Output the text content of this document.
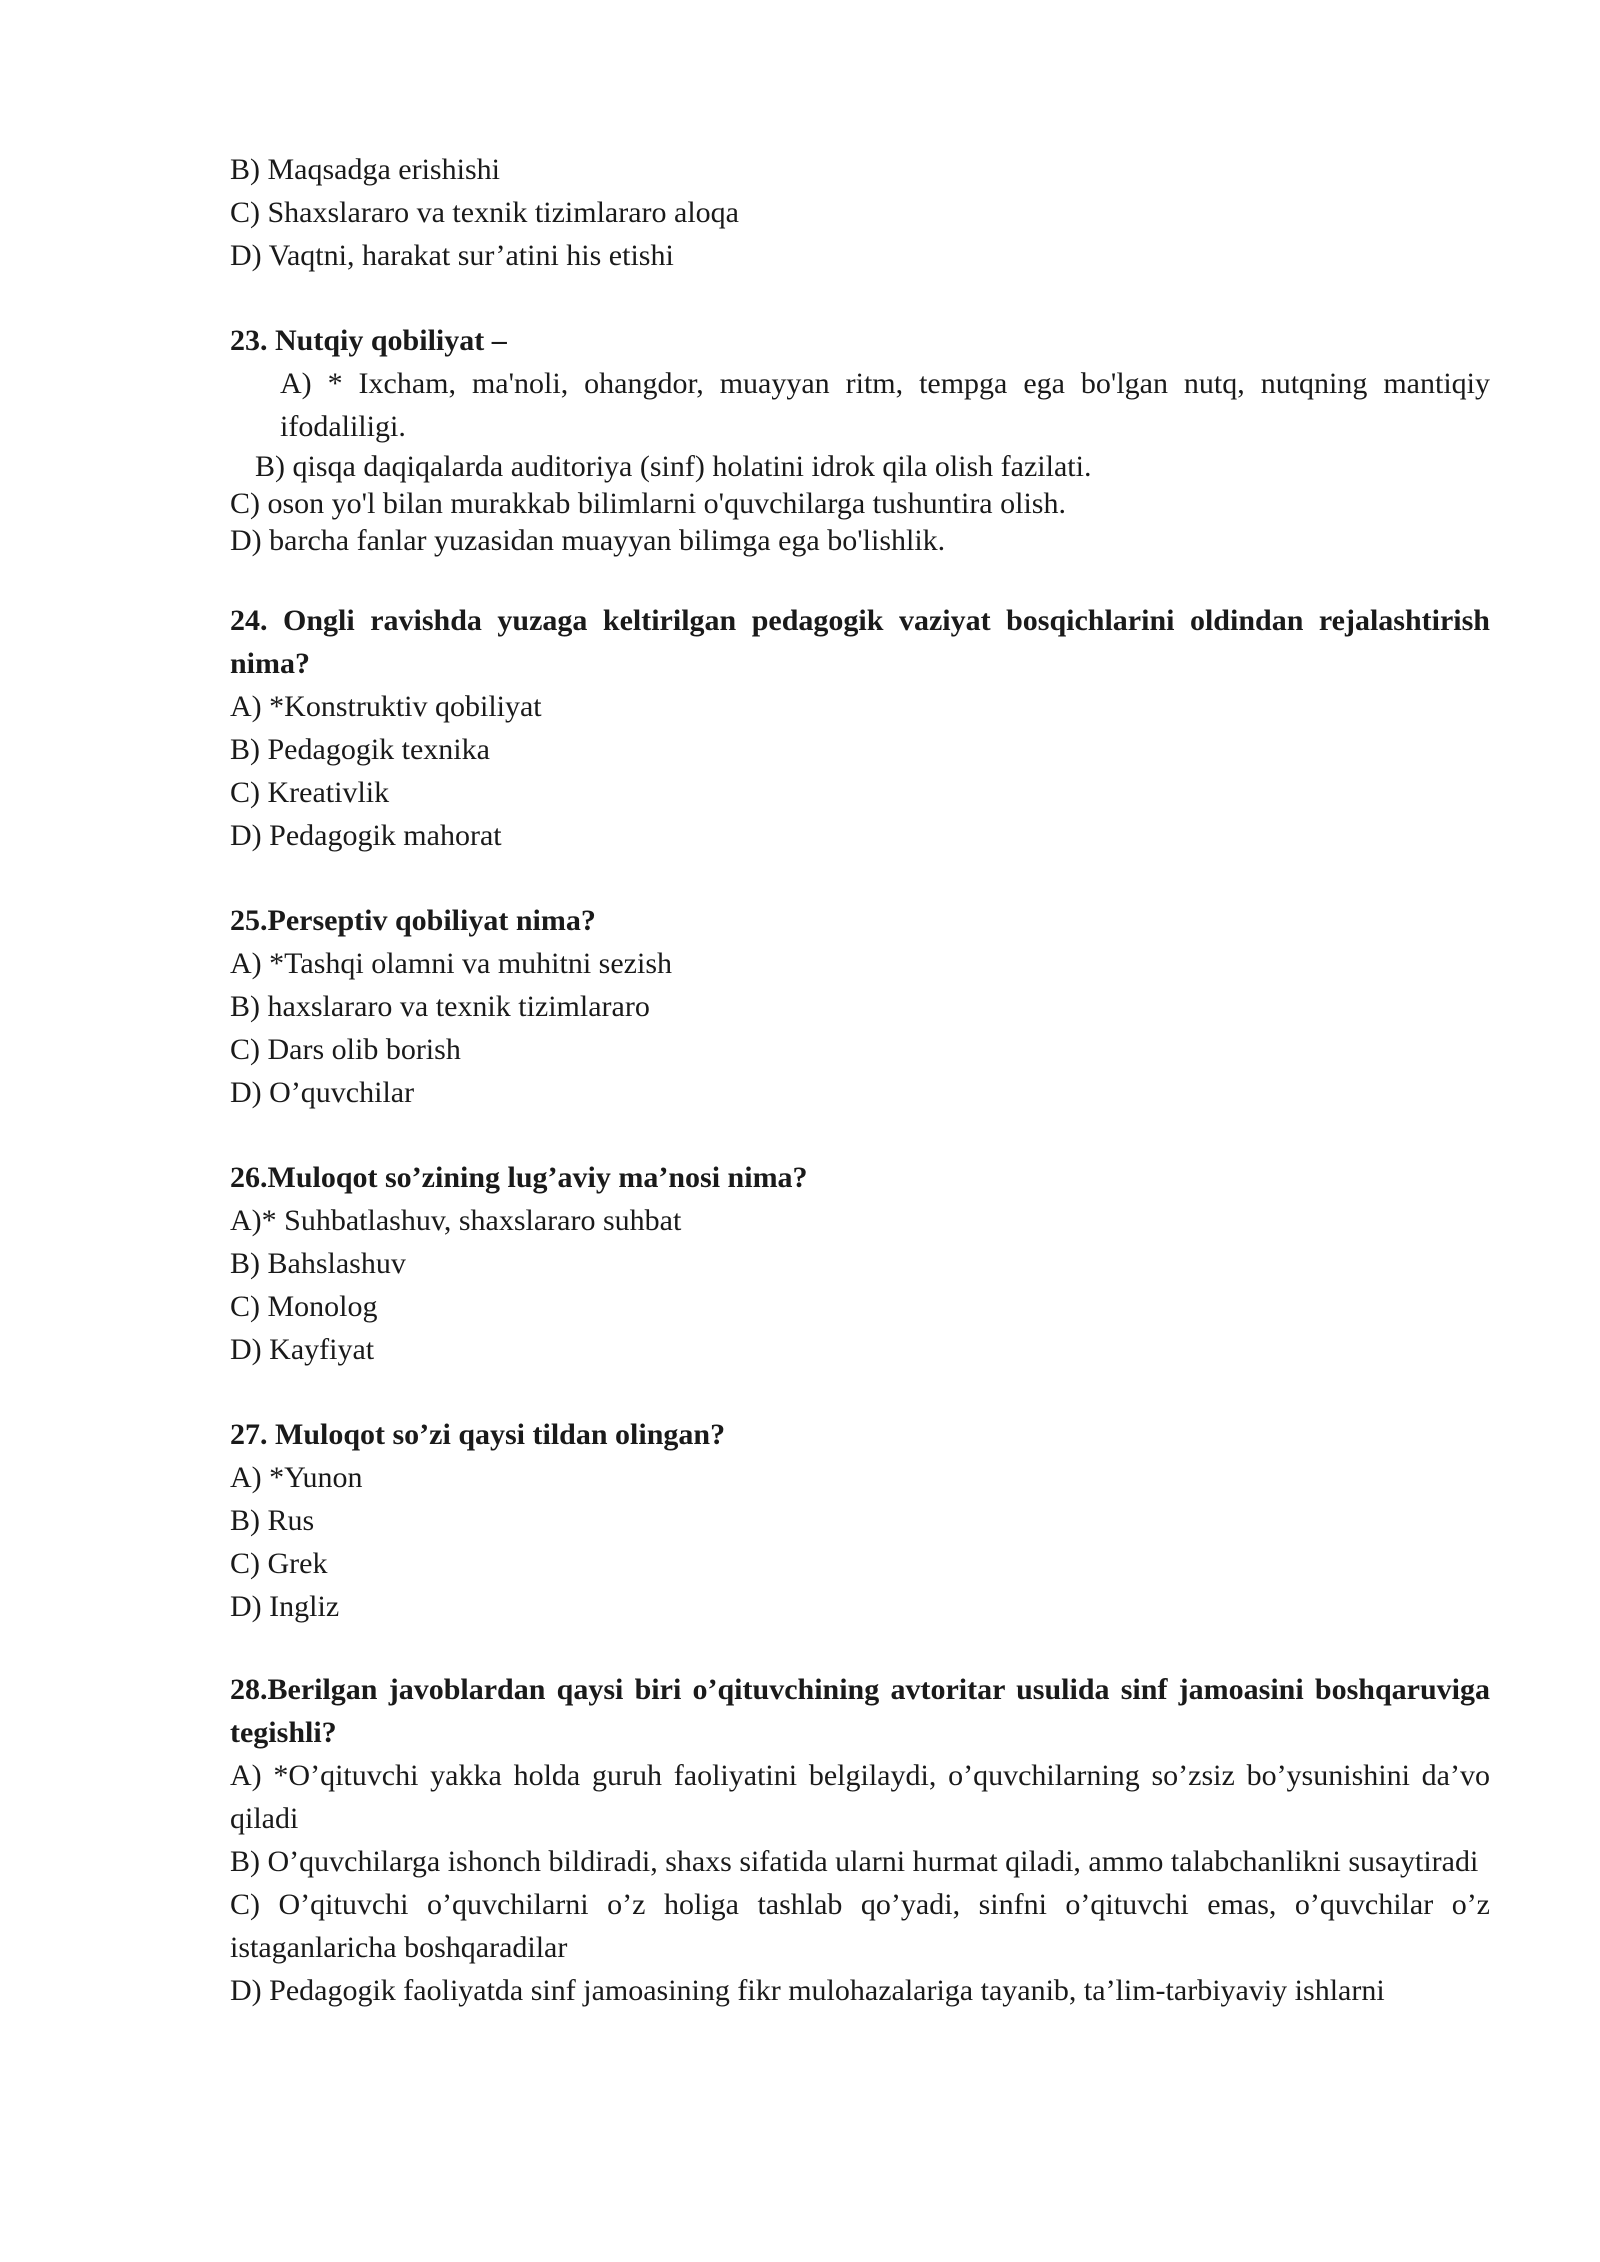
B) Maqsadga erishishi

C) Shaxslararo va texnik tizimlararo aloqa

D) Vaqtni, harakat sur’atini his etishi

23. Nutqiy qobiliyat –

A) * Ixcham, ma'noli, ohangdor, muayyan ritm, tempga ega bo'lgan nutq, nutqning mantiqiy ifodaliligi.

B) qisqa daqiqalarda auditoriya (sinf) holatini idrok qila olish fazilati.

C) oson yo'l bilan murakkab bilimlarni o'quvchilarga tushuntira olish.

D) barcha fanlar yuzasidan muayyan bilimga ega bo'lishlik.

24. Ongli ravishda yuzaga keltirilgan pedagogik vaziyat bosqichlarini oldindan rejalashtirish nima?

A) *Konstruktiv qobiliyat

B) Pedagogik texnika

C) Kreativlik

D) Pedagogik mahorat

25.Perseptiv qobiliyat nima?

A) *Tashqi olamni va muhitni sezish

B) haxslararo va texnik tizimlararo

C) Dars olib borish

D) O’quvchilar

26.Muloqot so’zining lug’aviy ma’nosi nima?

A)* Suhbatlashuv, shaxslararo suhbat

B) Bahslashuv

C) Monolog

D) Kayfiyat

27. Muloqot so’zi qaysi tildan olingan?

A) *Yunon

B) Rus

C) Grek

D) Ingliz

28.Berilgan javoblardan qaysi biri o’qituvchining avtoritar usulida sinf jamoasini boshqaruviga tegishli?

A) *O’qituvchi yakka holda guruh faoliyatini belgilaydi, o’quvchilarning so’zsiz bo’ysunishini da’vo qiladi

B) O’quvchilarga ishonch bildiradi, shaxs sifatida ularni hurmat qiladi, ammo talabchanlikni susaytiradi

C) O’qituvchi o’quvchilarni o’z holiga tashlab qo’yadi, sinfni o’qituvchi emas, o’quvchilar o’z istaganlaricha boshqaradilar

D) Pedagogik faoliyatda sinf jamoasining fikr mulohazalariga tayanib, ta’lim-tarbiyaviy ishlarni
